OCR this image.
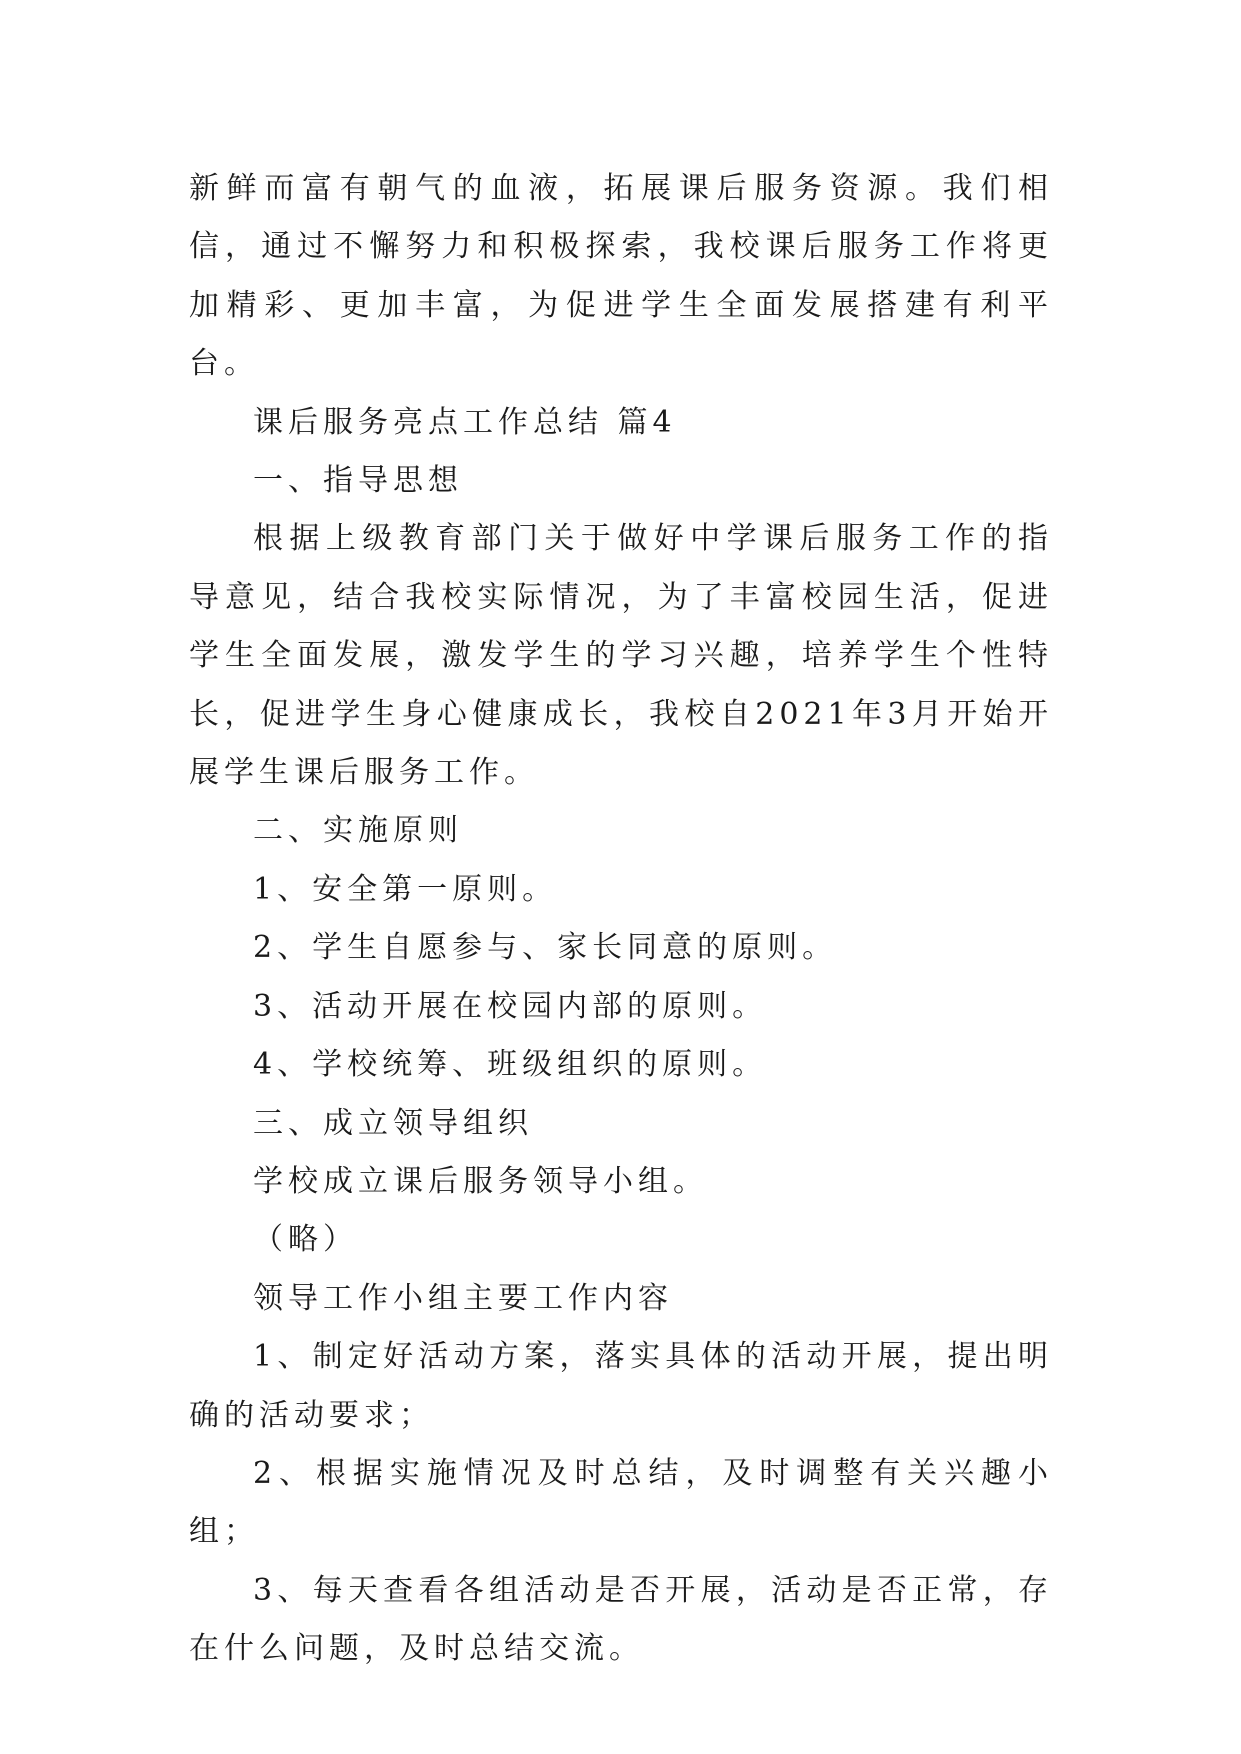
新鲜而富有朝气的血液，拓展课后服务资源。我们相信，通过不懈努力和积极探索，我校课后服务工作将更加精彩、更加丰富，为促进学生全面发展搭建有利平台。

课后服务亮点工作总结 篇4

一、指导思想

根据上级教育部门关于做好中学课后服务工作的指导意见，结合我校实际情况，为了丰富校园生活，促进学生全面发展，激发学生的学习兴趣，培养学生个性特长，促进学生身心健康成长，我校自2021年3月开始开展学生课后服务工作。

二、实施原则

1、安全第一原则。

2、学生自愿参与、家长同意的原则。

3、活动开展在校园内部的原则。

4、学校统筹、班级组织的原则。

三、成立领导组织

学校成立课后服务领导小组。

（略）

领导工作小组主要工作内容

1、制定好活动方案，落实具体的活动开展，提出明确的活动要求；

2、根据实施情况及时总结，及时调整有关兴趣小组；

3、每天查看各组活动是否开展，活动是否正常，存在什么问题，及时总结交流。
